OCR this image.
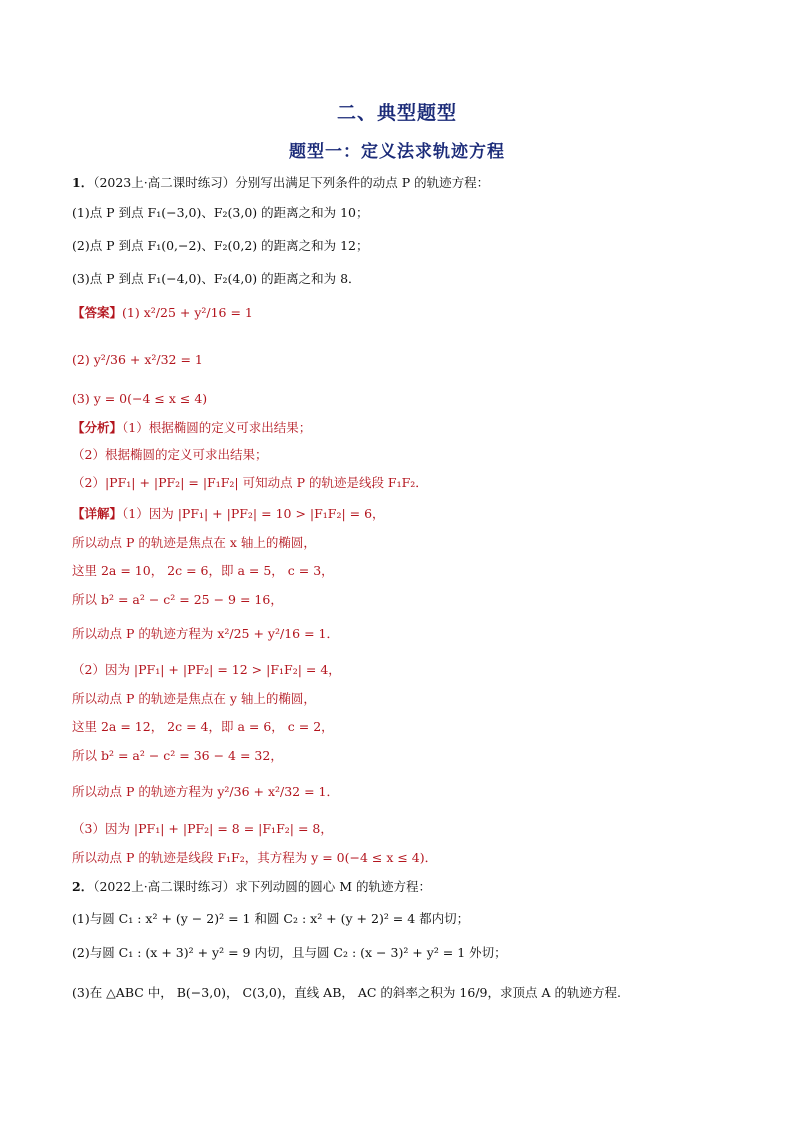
二、典型题型
题型一：定义法求轨迹方程
1．（2023上·高二课时练习）分别写出满足下列条件的动点 P 的轨迹方程：
(1)点 P 到点 F₁(−3,0)、F₂(3,0) 的距离之和为 10；
(2)点 P 到点 F₁(0,−2)、F₂(0,2) 的距离之和为 12；
(3)点 P 到点 F₁(−4,0)、F₂(4,0) 的距离之和为 8．
【答案】(1) x²/25 + y²/16 = 1
(2) y²/36 + x²/32 = 1
(3) y = 0(−4 ≤ x ≤ 4)
【分析】（1）根据椭圆的定义可求出结果；
（2）根据椭圆的定义可求出结果；
（2）|PF₁| + |PF₂| = |F₁F₂| 可知动点 P 的轨迹是线段 F₁F₂．
【详解】（1）因为 |PF₁| + |PF₂| = 10 > |F₁F₂| = 6，
所以动点 P 的轨迹是焦点在 x 轴上的椭圆，
这里 2a = 10， 2c = 6，即 a = 5， c = 3，
所以 b² = a² − c² = 25 − 9 = 16，
所以动点 P 的轨迹方程为 x²/25 + y²/16 = 1．
（2）因为 |PF₁| + |PF₂| = 12 > |F₁F₂| = 4，
所以动点 P 的轨迹是焦点在 y 轴上的椭圆，
这里 2a = 12， 2c = 4，即 a = 6， c = 2，
所以 b² = a² − c² = 36 − 4 = 32，
所以动点 P 的轨迹方程为 y²/36 + x²/32 = 1．
（3）因为 |PF₁| + |PF₂| = 8 = |F₁F₂| = 8，
所以动点 P 的轨迹是线段 F₁F₂，其方程为 y = 0(−4 ≤ x ≤ 4)．
2．（2022上·高二课时练习）求下列动圆的圆心 M 的轨迹方程：
(1)与圆 C₁ : x² + (y − 2)² = 1 和圆 C₂ : x² + (y + 2)² = 4 都内切；
(2)与圆 C₁ : (x + 3)² + y² = 9 内切，且与圆 C₂ : (x − 3)² + y² = 1 外切；
(3)在 △ABC 中， B(−3,0)， C(3,0)，直线 AB， AC 的斜率之积为 16/9，求顶点 A 的轨迹方程.
